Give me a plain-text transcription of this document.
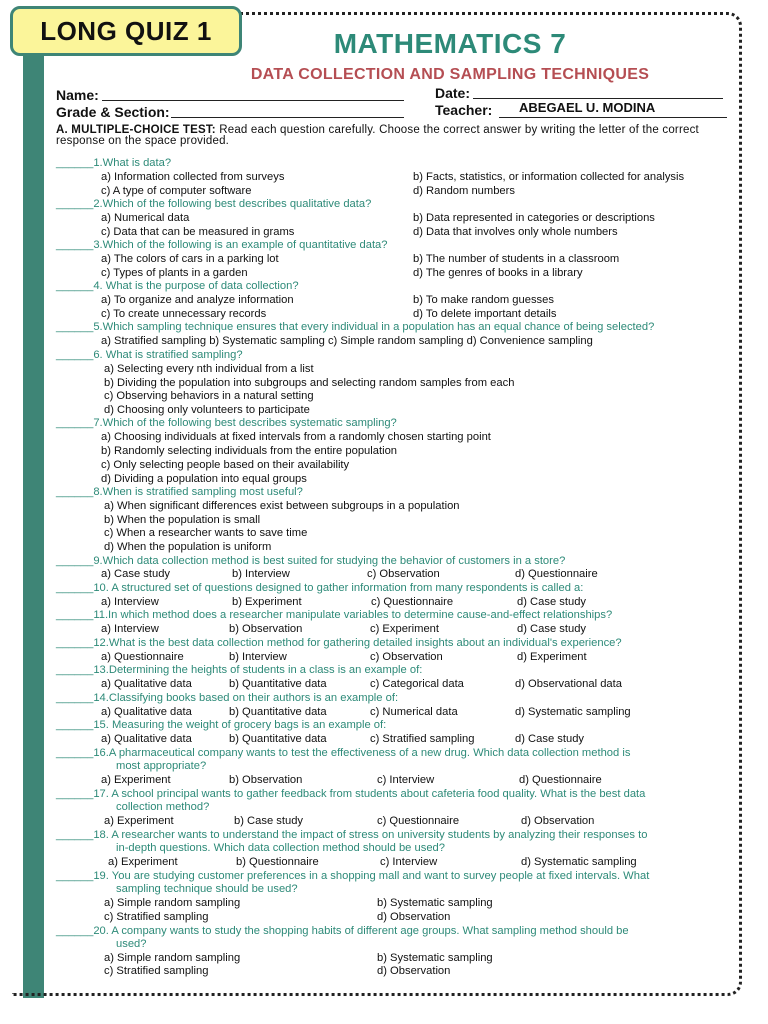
LONG QUIZ 1	MATHEMATICS 7
DATA COLLECTION AND SAMPLING TECHNIQUES
Name:
Grade & Section:
Date:
Teacher: ABEGAEL U. MODINA
A. MULTIPLE-CHOICE TEST: Read each question carefully. Choose the correct answer by writing the letter of the correct response on the space provided.
______1.What is data?
a) Information collected from surveys	b) Facts, statistics, or information collected for analysis
c) A type of computer software	d) Random numbers
______2.Which of the following best describes qualitative data?
a) Numerical data	b) Data represented in categories or descriptions
c) Data that can be measured in grams	d) Data that involves only whole numbers
______3.Which of the following is an example of quantitative data?
a) The colors of cars in a parking lot	b) The number of students in a classroom
c) Types of plants in a garden	d) The genres of books in a library
______4. What is the purpose of data collection?
a) To organize and analyze information	b) To make random guesses
c) To create unnecessary records	d) To delete important details
______5.Which sampling technique ensures that every individual in a population has an equal chance of being selected?
a) Stratified sampling b) Systematic sampling c) Simple random sampling d) Convenience sampling
______6. What is stratified sampling?
a) Selecting every nth individual from a list
b) Dividing the population into subgroups and selecting random samples from each
c) Observing behaviors in a natural setting
d) Choosing only volunteers to participate
______7.Which of the following best describes systematic sampling?
a) Choosing individuals at fixed intervals from a randomly chosen starting point
b) Randomly selecting individuals from the entire population
c) Only selecting people based on their availability
d) Dividing a population into equal groups
______8.When is stratified sampling most useful?
a) When significant differences exist between subgroups in a population
b) When the population is small
c) When a researcher wants to save time
d) When the population is uniform
______9.Which data collection method is best suited for studying the behavior of customers in a store?
a) Case study	b) Interview	c) Observation	d) Questionnaire
______10. A structured set of questions designed to gather information from many respondents is called a:
a) Interview	b) Experiment	c) Questionnaire	d) Case study
______11.In which method does a researcher manipulate variables to determine cause-and-effect relationships?
a) Interview	b) Observation	c) Experiment	d) Case study
______12.What is the best data collection method for gathering detailed insights about an individual's experience?
a) Questionnaire	b) Interview	c) Observation	d) Experiment
______13.Determining the heights of students in a class is an example of:
a) Qualitative data	b) Quantitative data	c) Categorical data	d) Observational data
______14.Classifying books based on their authors is an example of:
a) Qualitative data	b) Quantitative data	c) Numerical data	d) Systematic sampling
______15. Measuring the weight of grocery bags is an example of:
a) Qualitative data	b) Quantitative data	c) Stratified sampling	d) Case study
______16.A pharmaceutical company wants to test the effectiveness of a new drug. Which data collection method is
most appropriate?
a) Experiment	b) Observation	c) Interview	d) Questionnaire
______17. A school principal wants to gather feedback from students about cafeteria food quality. What is the best data
collection method?
a) Experiment	b) Case study	c) Questionnaire	d) Observation
______18. A researcher wants to understand the impact of stress on university students by analyzing their responses to
in-depth questions. Which data collection method should be used?
a) Experiment	b) Questionnaire	c) Interview	d) Systematic sampling
______19. You are studying customer preferences in a shopping mall and want to survey people at fixed intervals. What
sampling technique should be used?
a) Simple random sampling	b) Systematic sampling
c) Stratified sampling	d) Observation
______20. A company wants to study the shopping habits of different age groups. What sampling method should be
used?
a) Simple random sampling	b) Systematic sampling
c) Stratified sampling	d) Observation
